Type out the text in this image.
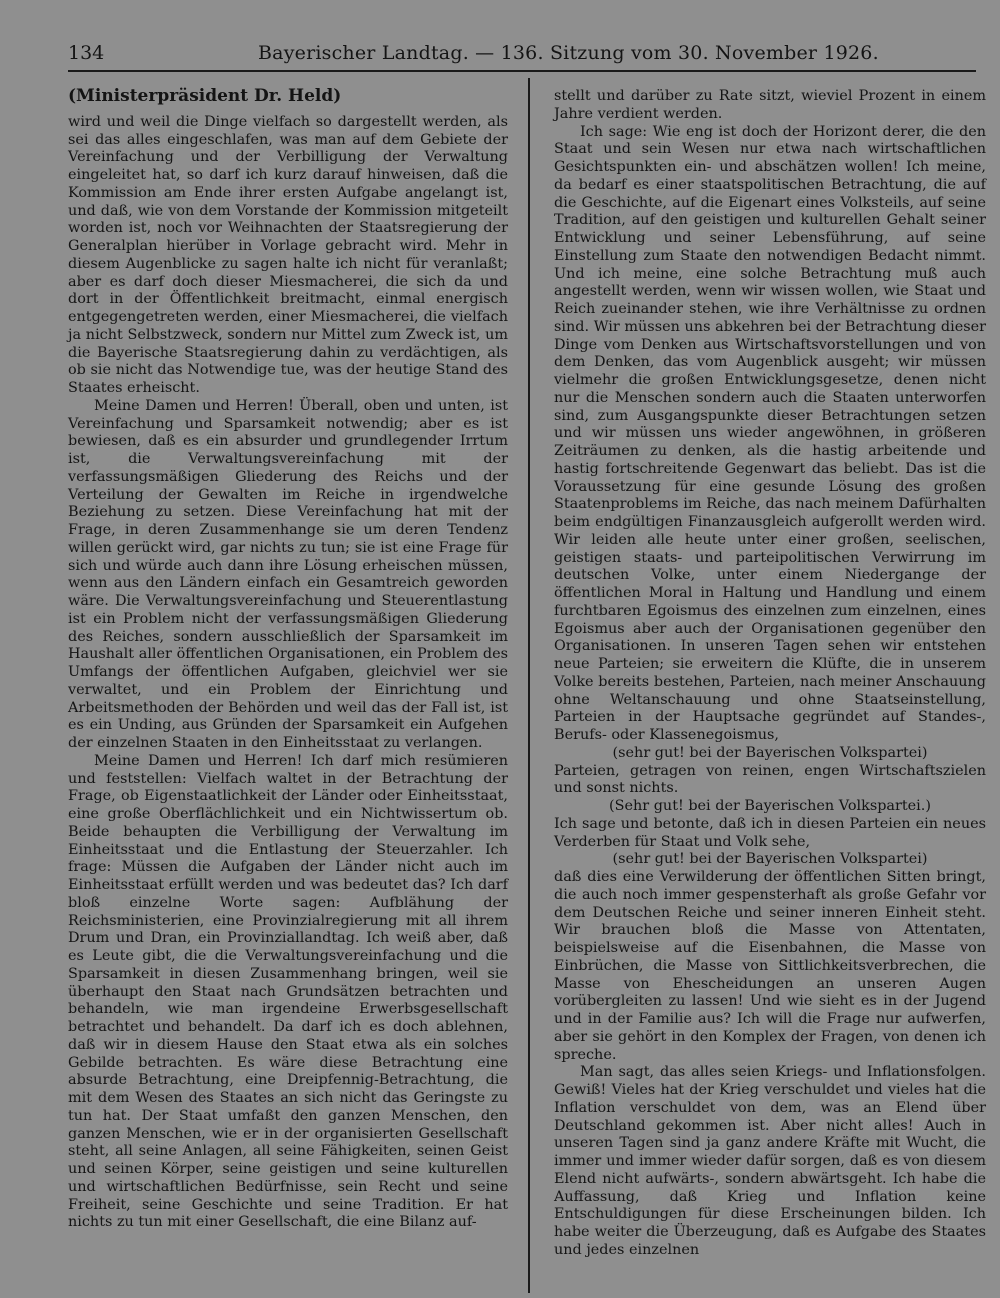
134	Bayerischer Landtag. — 136. Sitzung vom 30. November 1926.
(Ministerpräsident Dr. Held)

wird und weil die Dinge vielfach so dargestellt werden, als sei das alles eingeschlafen, was man auf dem Gebiete der Vereinfachung und der Verbilligung der Verwaltung eingeleitet hat, so darf ich kurz darauf hinweisen, daß die Kommission am Ende ihrer ersten Aufgabe angelangt ist, und daß, wie von dem Vorstande der Kommission mitgeteilt worden ist, noch vor Weihnachten der Staatsregierung der Generalplan hierüber in Vorlage gebracht wird. Mehr in diesem Augenblicke zu sagen halte ich nicht für veranlaßt; aber es darf doch dieser Miesmacherei, die sich da und dort in der Öffentlichkeit breitmacht, einmal energisch entgegengetreten werden, einer Miesmacherei, die vielfach ja nicht Selbstzweck, sondern nur Mittel zum Zweck ist, um die Bayerische Staatsregierung dahin zu verdächtigen, als ob sie nicht das Notwendige tue, was der heutige Stand des Staates erheischt.

Meine Damen und Herren! Überall, oben und unten, ist Vereinfachung und Sparsamkeit notwendig; aber es ist bewiesen, daß es ein absurder und grundlegender Irrtum ist, die Verwaltungsvereinfachung mit der verfassungsmäßigen Gliederung des Reichs und der Verteilung der Gewalten im Reiche in irgendwelche Beziehung zu setzen. Diese Vereinfachung hat mit der Frage, in deren Zusammenhange sie um deren Tendenz willen gerückt wird, gar nichts zu tun; sie ist eine Frage für sich und würde auch dann ihre Lösung erheischen müssen, wenn aus den Ländern einfach ein Gesamtreich geworden wäre. Die Verwaltungsvereinfachung und Steuerentlastung ist ein Problem nicht der verfassungsmäßigen Gliederung des Reiches, sondern ausschließlich der Sparsamkeit im Haushalt aller öffentlichen Organisationen, ein Problem des Umfangs der öffentlichen Aufgaben, gleichviel wer sie verwaltet, und ein Problem der Einrichtung und Arbeitsmethoden der Behörden und weil das der Fall ist, ist es ein Unding, aus Gründen der Sparsamkeit ein Aufgehen der einzelnen Staaten in den Einheitsstaat zu verlangen.

Meine Damen und Herren! Ich darf mich resümieren und feststellen: Vielfach waltet in der Betrachtung der Frage, ob Eigenstaatlichkeit der Länder oder Einheitsstaat, eine große Oberflächlichkeit und ein Nichtwissertum ob. Beide behaupten die Verbilligung der Verwaltung im Einheitsstaat und die Entlastung der Steuerzahler. Ich frage: Müssen die Aufgaben der Länder nicht auch im Einheitsstaat erfüllt werden und was bedeutet das? Ich darf bloß einzelne Worte sagen: Aufblähung der Reichsministerien, eine Provinzialregierung mit all ihrem Drum und Dran, ein Provinziallandtag. Ich weiß aber, daß es Leute gibt, die die Verwaltungsvereinfachung und die Sparsamkeit in diesen Zusammenhang bringen, weil sie überhaupt den Staat nach Grundsätzen betrachten und behandeln, wie man irgendeine Erwerbsgesellschaft betrachtet und behandelt. Da darf ich es doch ablehnen, daß wir in diesem Hause den Staat etwa als ein solches Gebilde betrachten. Es wäre diese Betrachtung eine absurde Betrachtung, eine Dreipfennig-Betrachtung, die mit dem Wesen des Staates an sich nicht das Geringste zu tun hat. Der Staat umfaßt den ganzen Menschen, den ganzen Menschen, wie er in der organisierten Gesellschaft steht, all seine Anlagen, all seine Fähigkeiten, seinen Geist und seinen Körper, seine geistigen und seine kulturellen und wirtschaftlichen Bedürfnisse, sein Recht und seine Freiheit, seine Geschichte und seine Tradition. Er hat nichts zu tun mit einer Gesellschaft, die eine Bilanz auf-

stellt und darüber zu Rate sitzt, wieviel Prozent in einem Jahre verdient werden.

Ich sage: Wie eng ist doch der Horizont derer, die den Staat und sein Wesen nur etwa nach wirtschaftlichen Gesichtspunkten ein- und abschätzen wollen! Ich meine, da bedarf es einer staatspolitischen Betrachtung, die auf die Geschichte, auf die Eigenart eines Volksteils, auf seine Tradition, auf den geistigen und kulturellen Gehalt seiner Entwicklung und seiner Lebensführung, auf seine Einstellung zum Staate den notwendigen Bedacht nimmt. Und ich meine, eine solche Betrachtung muß auch angestellt werden, wenn wir wissen wollen, wie Staat und Reich zueinander stehen, wie ihre Verhältnisse zu ordnen sind. Wir müssen uns abkehren bei der Betrachtung dieser Dinge vom Denken aus Wirtschaftsvorstellungen und von dem Denken, das vom Augenblick ausgeht; wir müssen vielmehr die großen Entwicklungsgesetze, denen nicht nur die Menschen sondern auch die Staaten unterworfen sind, zum Ausgangspunkte dieser Betrachtungen setzen und wir müssen uns wieder angewöhnen, in größeren Zeiträumen zu denken, als die hastig arbeitende und hastig fortschreitende Gegenwart das beliebt. Das ist die Voraussetzung für eine gesunde Lösung des großen Staatenproblems im Reiche, das nach meinem Dafürhalten beim endgültigen Finanzausgleich aufgerollt werden wird. Wir leiden alle heute unter einer großen, seelischen, geistigen staats- und parteipolitischen Verwirrung im deutschen Volke, unter einem Niedergange der öffentlichen Moral in Haltung und Handlung und einem furchtbaren Egoismus des einzelnen zum einzelnen, eines Egoismus aber auch der Organisationen gegenüber den Organisationen. In unseren Tagen sehen wir entstehen neue Parteien; sie erweitern die Klüfte, die in unserem Volke bereits bestehen, Parteien, nach meiner Anschauung ohne Weltanschauung und ohne Staatseinstellung, Parteien in der Hauptsache gegründet auf Standes-, Berufs- oder Klassenegoismus,

(sehr gut! bei der Bayerischen Volkspartei)

Parteien, getragen von reinen, engen Wirtschaftszielen und sonst nichts.

(Sehr gut! bei der Bayerischen Volkspartei.)

Ich sage und betonte, daß ich in diesen Parteien ein neues Verderben für Staat und Volk sehe,

(sehr gut! bei der Bayerischen Volkspartei)

daß dies eine Verwilderung der öffentlichen Sitten bringt, die auch noch immer gespensterhaft als große Gefahr vor dem Deutschen Reiche und seiner inneren Einheit steht. Wir brauchen bloß die Masse von Attentaten, beispielsweise auf die Eisenbahnen, die Masse von Einbrüchen, die Masse von Sittlichkeitsverbrechen, die Masse von Ehescheidungen an unseren Augen vorübergleiten zu lassen! Und wie sieht es in der Jugend und in der Familie aus? Ich will die Frage nur aufwerfen, aber sie gehört in den Komplex der Fragen, von denen ich spreche.

Man sagt, das alles seien Kriegs- und Inflationsfolgen. Gewiß! Vieles hat der Krieg verschuldet und vieles hat die Inflation verschuldet von dem, was an Elend über Deutschland gekommen ist. Aber nicht alles! Auch in unseren Tagen sind ja ganz andere Kräfte mit Wucht, die immer und immer wieder dafür sorgen, daß es von diesem Elend nicht aufwärts-, sondern abwärtsgeht. Ich habe die Auffassung, daß Krieg und Inflation keine Entschuldigungen für diese Erscheinungen bilden. Ich habe weiter die Überzeugung, daß es Aufgabe des Staates und jedes einzelnen
